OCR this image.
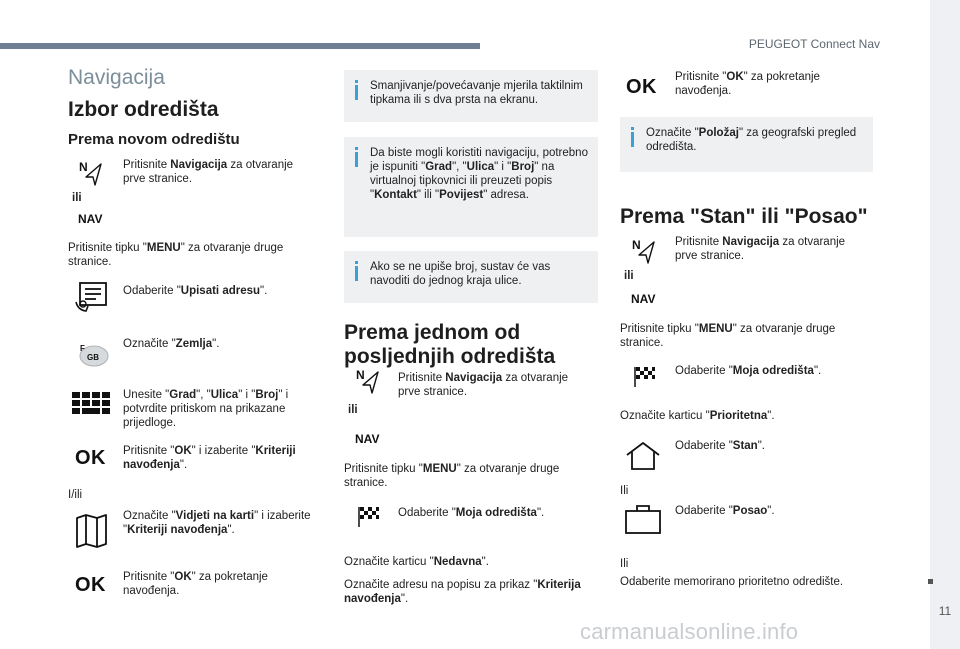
PEUGEOT Connect Nav
11
carmanualsonline.info
Navigacija
Izbor odredišta
Prema novom odredištu
N
ili
NAV
Pritisnite Navigacija za otvaranje prve stranice.
Pritisnite tipku "MENU" za otvaranje druge stranice.
Odaberite "Upisati adresu".
F
GB
Označite "Zemlja".
Unesite "Grad", "Ulica" i "Broj" i potvrdite pritiskom na prikazane prijedloge.
OK Pritisnite "OK" i izaberite "Kriteriji navođenja".
I/ili
Označite "Vidjeti na karti" i izaberite "Kriteriji navođenja".
OK Pritisnite "OK" za pokretanje navođenja.
Smanjivanje/povećavanje mjerila taktilnim tipkama ili s dva prsta na ekranu.
Da biste mogli koristiti navigaciju, potrebno je ispuniti "Grad", "Ulica" i "Broj" na virtualnoj tipkovnici ili preuzeti popis "Kontakt" ili "Povijest" adresa.
Ako se ne upiše broj, sustav će vas navoditi do jednog kraja ulice.
Prema jednom od posljednjih odredišta
N
ili
NAV
Pritisnite Navigacija za otvaranje prve stranice.
Pritisnite tipku "MENU" za otvaranje druge stranice.
Odaberite "Moja odredišta".
Označite karticu "Nedavna".
Označite adresu na popisu za prikaz "Kriterija navođenja".
OK Pritisnite "OK" za pokretanje navođenja.
Označite "Položaj" za geografski pregled odredišta.
Prema "Stan" ili "Posao"
N
ili
NAV
Pritisnite Navigacija za otvaranje prve stranice.
Pritisnite tipku "MENU" za otvaranje druge stranice.
Odaberite "Moja odredišta".
Označite karticu "Prioritetna".
Odaberite "Stan".
Ili
Odaberite "Posao".
Ili
Odaberite memorirano prioritetno odredište.
